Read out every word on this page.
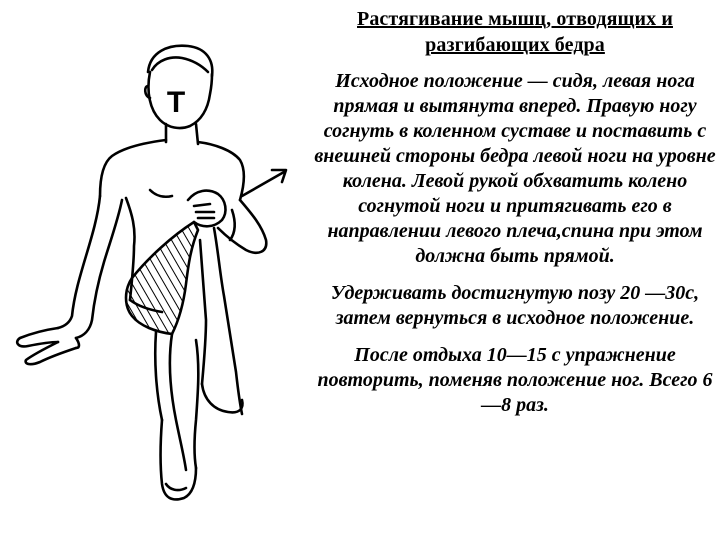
Т
Растягивание мышц, отводящих и разгибающих бедра

Исходное положение — сидя, левая нога прямая и вытянута вперед. Правую ногу согнуть в коленном суставе и поставить с внешней стороны бедра левой ноги на уровне колена. Левой рукой обхватить колено согнутой ноги и притягивать его в направлении левого плеча,спина при этом должна быть прямой.

Удерживать достигнутую позу 20 —30с, затем вернуться в исходное положение.

После отдыха 10—15 с упражнение повторить, поменяв положение ног. Всего 6—8 раз.
